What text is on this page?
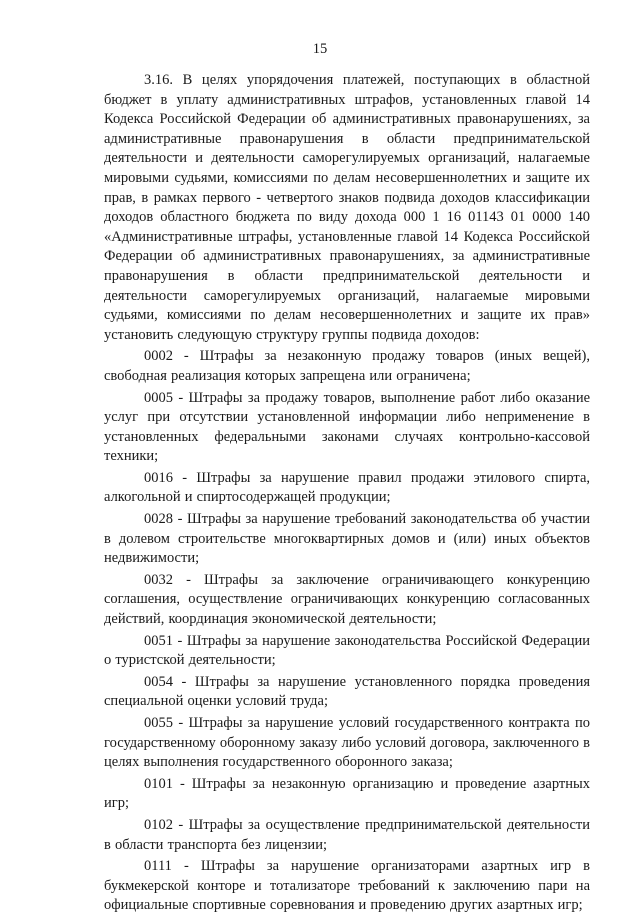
15

3.16. В целях упорядочения платежей, поступающих в областной бюджет в уплату административных штрафов, установленных главой 14 Кодекса Российской Федерации об административных правонарушениях, за административные правонарушения в области предпринимательской деятельности и деятельности саморегулируемых организаций, налагаемые мировыми судьями, комиссиями по делам несовершеннолетних и защите их прав, в рамках первого - четвертого знаков подвида доходов классификации доходов областного бюджета по виду дохода 000 1 16 01143 01 0000 140 «Административные штрафы, установленные главой 14 Кодекса Российской Федерации об административных правонарушениях, за административные правонарушения в области предпринимательской деятельности и деятельности саморегулируемых организаций, налагаемые мировыми судьями, комиссиями по делам несовершеннолетних и защите их прав» установить следующую структуру группы подвида доходов:

0002 - Штрафы за незаконную продажу товаров (иных вещей), свободная реализация которых запрещена или ограничена;

0005 - Штрафы за продажу товаров, выполнение работ либо оказание услуг при отсутствии установленной информации либо неприменение в установленных федеральными законами случаях контрольно-кассовой техники;

0016 - Штрафы за нарушение правил продажи этилового спирта, алкогольной и спиртосодержащей продукции;

0028 - Штрафы за нарушение требований законодательства об участии в долевом строительстве многоквартирных домов и (или) иных объектов недвижимости;

0032 - Штрафы за заключение ограничивающего конкуренцию соглашения, осуществление ограничивающих конкуренцию согласованных действий, координация экономической деятельности;

0051 - Штрафы за нарушение законодательства Российской Федерации о туристской деятельности;

0054 - Штрафы за нарушение установленного порядка проведения специальной оценки условий труда;

0055 - Штрафы за нарушение условий государственного контракта по государственному оборонному заказу либо условий договора, заключенного в целях выполнения государственного оборонного заказа;

0101 - Штрафы за незаконную организацию и проведение азартных игр;

0102 - Штрафы за осуществление предпринимательской деятельности в области транспорта без лицензии;

0111 - Штрафы за нарушение организаторами азартных игр в букмекерской конторе и тотализаторе требований к заключению пари на официальные спортивные соревнования и проведению других азартных игр;
